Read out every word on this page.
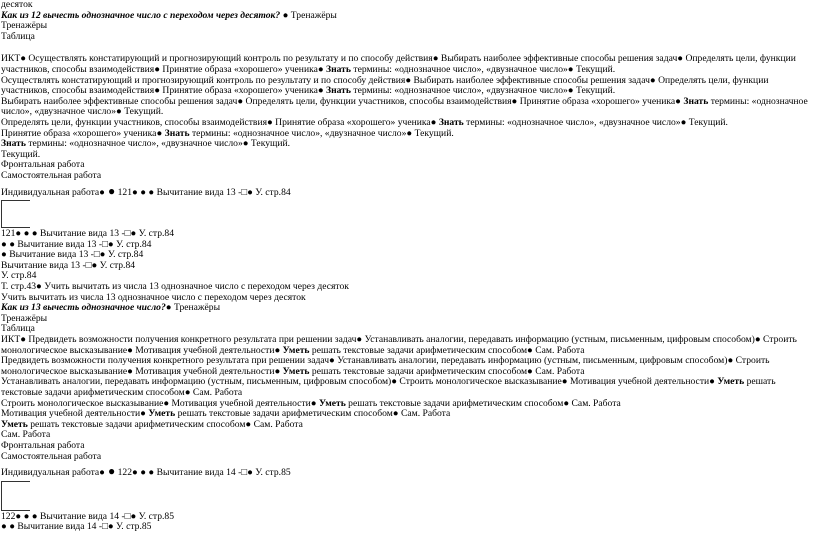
десяток
Как из 12 вычесть однозначное число с переходом через десяток? ● Тренажёры
Тренажёры
Таблица
ИКТ● Осуществлять констатирующий и прогнозирующий контроль по результату и по способу действия● Выбирать наиболее эффективные способы решения задач● Определять цели, функции участников, способы взаимодействия● Принятие образа «хорошего» ученика● Знать термины: «однозначное число», «двузначное число»● Текущий.
Осуществлять констатирующий и прогнозирующий контроль по результату и по способу действия● Выбирать наиболее эффективные способы решения задач● Определять цели, функции участников, способы взаимодействия● Принятие образа «хорошего» ученика● Знать термины: «однозначное число», «двузначное число»● Текущий.
Выбирать наиболее эффективные способы решения задач● Определять цели, функции участников, способы взаимодействия● Принятие образа «хорошего» ученика● Знать термины: «однозначное число», «двузначное число»● Текущий.
Определять цели, функции участников, способы взаимодействия● Принятие образа «хорошего» ученика● Знать термины: «однозначное число», «двузначное число»● Текущий.
Принятие образа «хорошего» ученика● Знать термины: «однозначное число», «двузначное число»● Текущий.
Знать термины: «однозначное число», «двузначное число»● Текущий.
Текущий.
Фронтальная работа
Самостоятельная работа
Индивидуальная работа● ● 121● ● ● Вычитание вида 13 -□● У. стр.84
121● ● ● Вычитание вида 13 -□● У. стр.84
● ● Вычитание вида 13 -□● У. стр.84
● Вычитание вида 13 -□● У. стр.84
Вычитание вида 13 -□● У. стр.84
У. стр.84
Т. стр.43● Учить вычитать из числа 13 однозначное число с переходом через десяток
Учить вычитать из числа 13 однозначное число с переходом через десяток
Как из 13 вычесть однозначное число?● Тренажёры
Тренажёры
Таблица
ИКТ● Предвидеть возможности получения конкретного результата при решении задач● Устанавливать аналогии, передавать информацию (устным, письменным, цифровым способом)● Строить монологическое высказывание● Мотивация учебной деятельности● Уметь решать текстовые задачи арифметическим способом● Сам. Работа
Предвидеть возможности получения конкретного результата при решении задач● Устанавливать аналогии, передавать информацию (устным, письменным, цифровым способом)● Строить монологическое высказывание● Мотивация учебной деятельности● Уметь решать текстовые задачи арифметическим способом● Сам. Работа
Устанавливать аналогии, передавать информацию (устным, письменным, цифровым способом)● Строить монологическое высказывание● Мотивация учебной деятельности● Уметь решать текстовые задачи арифметическим способом● Сам. Работа
Строить монологическое высказывание● Мотивация учебной деятельности● Уметь решать текстовые задачи арифметическим способом● Сам. Работа
Мотивация учебной деятельности● Уметь решать текстовые задачи арифметическим способом● Сам. Работа
Уметь решать текстовые задачи арифметическим способом● Сам. Работа
Сам. Работа
Фронтальная работа
Самостоятельная работа
Индивидуальная работа● ● 122● ● ● Вычитание вида 14 -□● У. стр.85
122● ● ● Вычитание вида 14 -□● У. стр.85
● ● Вычитание вида 14 -□● У. стр.85
